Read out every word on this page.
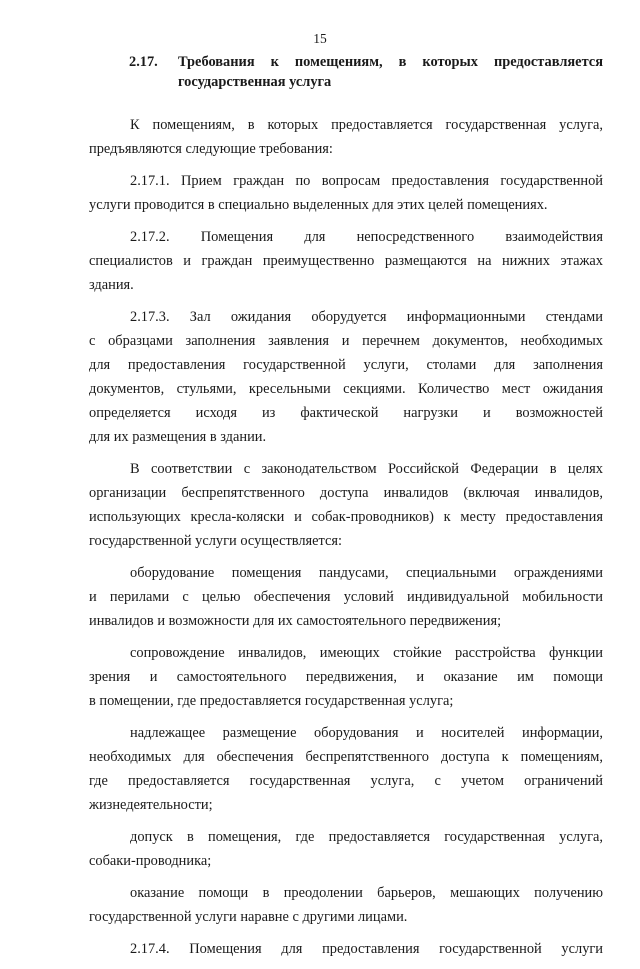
15
2.17. Требования к помещениям, в которых предоставляется
государственная услуга
К помещениям, в которых предоставляется государственная услуга,
предъявляются следующие требования:
2.17.1. Прием граждан по вопросам предоставления государственной
услуги проводится в специально выделенных для этих целей помещениях.
2.17.2. Помещения для непосредственного взаимодействия
специалистов и граждан преимущественно размещаются на нижних этажах
здания.
2.17.3. Зал ожидания оборудуется информационными стендами
с образцами заполнения заявления и перечнем документов, необходимых
для предоставления государственной услуги, столами для заполнения
документов, стульями, кресельными секциями. Количество мест ожидания
определяется исходя из фактической нагрузки и возможностей
для их размещения в здании.
В соответствии с законодательством Российской Федерации в целях
организации беспрепятственного доступа инвалидов (включая инвалидов,
использующих кресла-коляски и собак-проводников) к месту предоставления
государственной услуги осуществляется:
оборудование помещения пандусами, специальными ограждениями
и перилами с целью обеспечения условий индивидуальной мобильности
инвалидов и возможности для их самостоятельного передвижения;
сопровождение инвалидов, имеющих стойкие расстройства функции
зрения и самостоятельного передвижения, и оказание им помощи
в помещении, где предоставляется государственная услуга;
надлежащее размещение оборудования и носителей информации,
необходимых для обеспечения беспрепятственного доступа к помещениям,
где предоставляется государственная услуга, с учетом ограничений
жизнедеятельности;
допуск в помещения, где предоставляется государственная услуга,
собаки-проводника;
оказание помощи в преодолении барьеров, мешающих получению
государственной услуги наравне с другими лицами.
2.17.4. Помещения для предоставления государственной услуги
